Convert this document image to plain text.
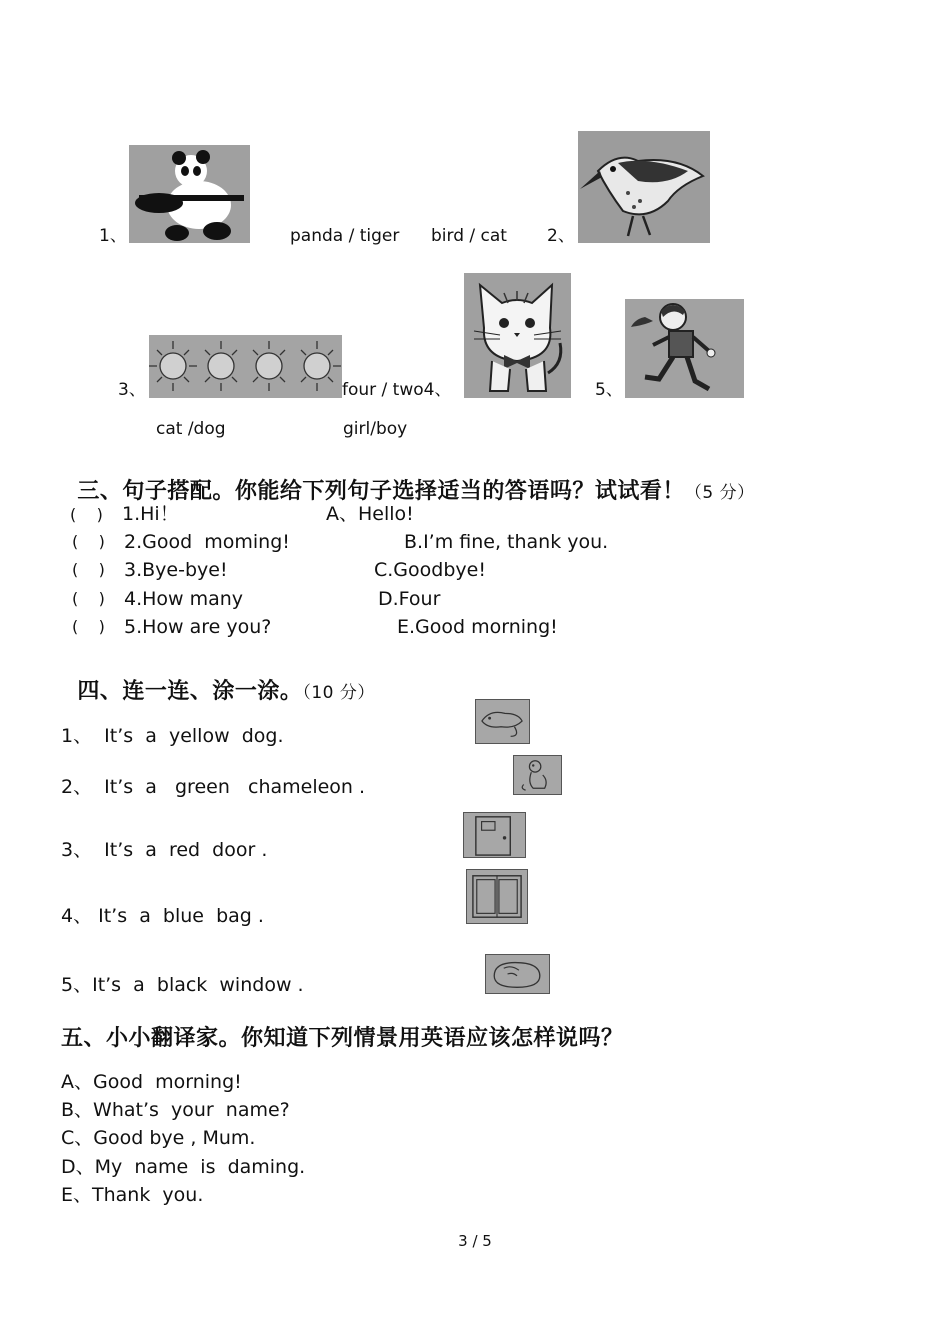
1、	panda / tiger bird / cat 2、
3、	four / two4、	5、
cat /dog	girl/boy

三、句子搭配。你能给下列句子选择适当的答语吗？试试看！（5 分）

(    ) 1.Hi！	A、Hello!
(    ) 2.Good  moming!	B.I’m fine, thank you.
(    ) 3.Bye-bye!	C.Goodbye!
(    ) 4.How many	D.Four
(    ) 5.How are you?	E.Good morning!

四、连一连、涂一涂。（10 分）

1、  It’s  a  yellow  dog.
2、  It’s  a   green   chameleon .
3、  It’s  a  red  door .
4、 It’s  a  blue  bag .
5、It’s  a  black  window .
五、小小翻译家。你知道下列情景用英语应该怎样说吗？
A、Good  morning!
B、What’s  your  name?
C、Good bye , Mum.
D、My  name  is  daming.
E、Thank  you.
3 / 5
